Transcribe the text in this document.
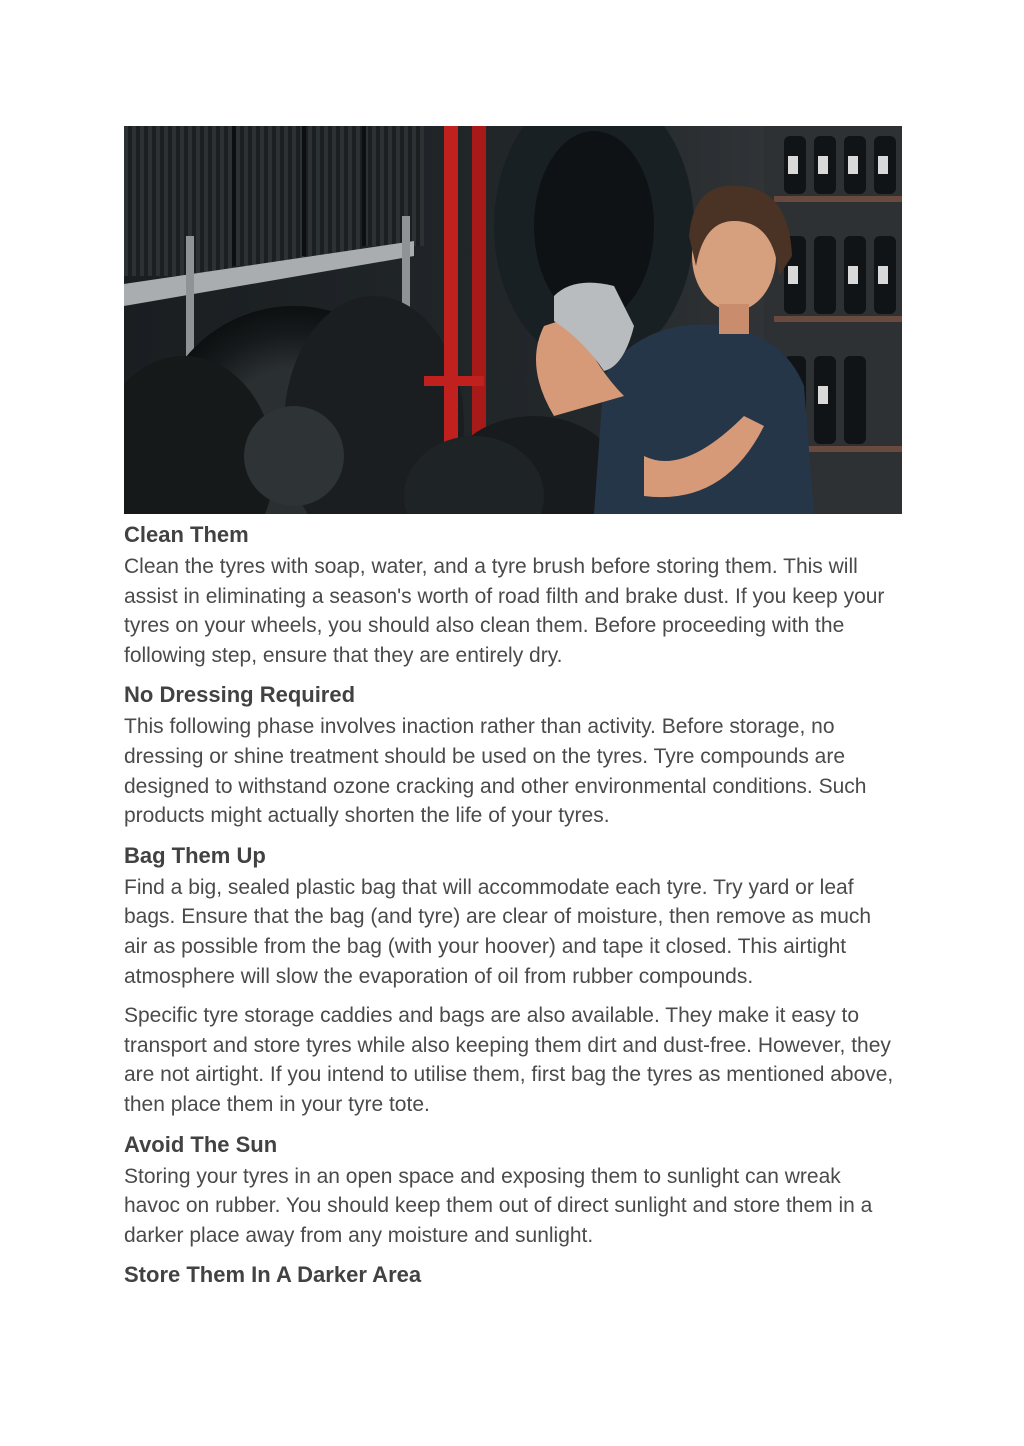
Clean Them

Clean the tyres with soap, water, and a tyre brush before storing them. This will assist in eliminating a season's worth of road filth and brake dust. If you keep your tyres on your wheels, you should also clean them. Before proceeding with the following step, ensure that they are entirely dry.

No Dressing Required

This following phase involves inaction rather than activity. Before storage, no dressing or shine treatment should be used on the tyres. Tyre compounds are designed to withstand ozone cracking and other environmental conditions. Such products might actually shorten the life of your tyres.

Bag Them Up

Find a big, sealed plastic bag that will accommodate each tyre. Try yard or leaf bags. Ensure that the bag (and tyre) are clear of moisture, then remove as much air as possible from the bag (with your hoover) and tape it closed. This airtight atmosphere will slow the evaporation of oil from rubber compounds.

Specific tyre storage caddies and bags are also available. They make it easy to transport and store tyres while also keeping them dirt and dust-free. However, they are not airtight. If you intend to utilise them, first bag the tyres as mentioned above, then place them in your tyre tote.

Avoid The Sun

Storing your tyres in an open space and exposing them to sunlight can wreak havoc on rubber. You should keep them out of direct sunlight and store them in a darker place away from any moisture and sunlight.

Store Them In A Darker Area
